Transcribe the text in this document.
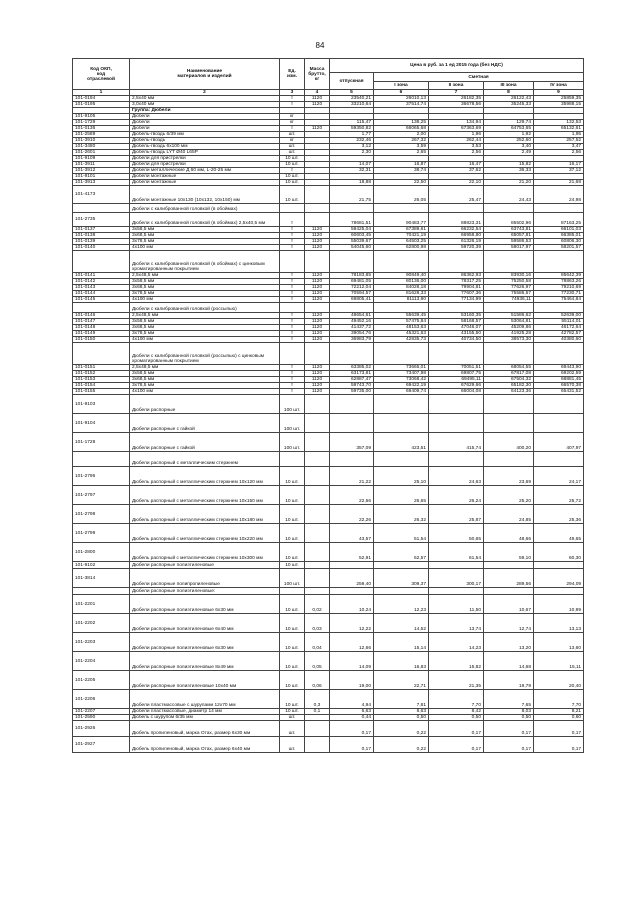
84
Код ОКП,
код
отраслевой	Наименование
материалов и изделий	Ед.
изм.	Масса
брутто,
кг	Цена в руб. за 1 ед 2015 года (без НДС)				
				отпускная	Сметная			
					I зона	II зона	III зона	IV зона
1	2	3	4	5	6	7	8	9
101-0194	2,5х40 мм	т	1120	23540,21	26010,13	26182,35	26122,43	25859,35
101-0195	3,0х40 мм	т	1120	33210,64	37514,74	36678,56	35245,33	35988,15
	Группа: Дюбели							
101-9105	Дюбели	кг						
101-1729	Дюбели	кг		115,47	138,25	134,94	129,74	132,53
101-0136	Дюбели	т	1120	59350,82	66065,68	67363,69	64753,65	65132,61
101-2589	Дюбель-гвоздь 6/39 мм	шт.		1,77	2,00	1,96	1,92	1,95
101-3910	Дюбель-гвоздь	кг		232,46	267,32	262,44	252,60	257,52
101-3480	Дюбель-гвоздь 6х100 мм	шт.		3,12	3,59	3,53	3,40	3,47
101-2601	Дюбель-гвоздь LYT Ø40 L65P	шт.		2,30	2,65	2,56	2,49	2,56
101-9109	Дюбели для пристрелки	10 шт.						
101-3911	Дюбели для пристрелки	10 шт.		14,07	16,87	16,47	15,82	16,17
101-3912	Дюбели металлические Д 60 мм, L-20-25 мм	т		32,31	38,74	37,62	36,33	37,12
101-9101	Дюбели монтажные	10 шт.						
101-3913	Дюбели монтажные	10 шт.		18,88	22,50	22,10	21,20	21,68
101-4173	Дюбели монтажные 10х130 (10х132, 10х150) мм	10 шт.		21,75	26,05	25,47	24,43	24,98
	Дюбели с калиброванной головкой (в обоймах)							
101-2735	Дюбели с калиброванной головкой (в обоймах) 2,5х40,5 мм	т		78681,51	90483,77	88823,31	85502,96	87163,25
101-0137	3х58,5 мм	т	1120	58425,04	67389,61	66232,54	63743,81	66101,03
101-0138	3х68,5 мм	т	1120	60603,45	70421,19	66958,80	65057,81	66385,01
101-0139	3х78,5 мм	т	1120	55039,67	64503,25	61326,19	59586,53	60806,30
101-0140	4х100 мм	т	1120	54045,60	62800,98	59720,39	58017,97	58201,57
	Дюбели с калиброванной головкой (в обоймах) с цинковым хроматированным покрытием							
101-0141	2,5х48,5 мм	т	1120	78183,85	90849,40	86362,93	83930,16	85642,39
101-0142	3х58,5 мм	т	1120	69481,05	80136,00	78317,25	75250,58	78863,26
101-0143	3х68,5 мм	т	1120	72212,04	84028,18	79904,81	77626,97	79210,69
101-0144	3х78,5 мм	т	1120	70594,57	81628,33	77607,36	75586,57	77230,71
101-0145	4х100 мм	т	1120	69805,41	81113,90	77134,99	74936,11	75464,84
	Дюбели с калиброванной головкой (россыпью)							
101-0146	2,5х48,5 мм	т	1120	48654,61	55639,45	53160,35	51586,62	52639,00
101-0147	3х58,5 мм	т	1120	49452,16	57475,84	58168,57	53064,81	55114,01
101-0148	3х68,5 мм	т	1120	41437,72	48153,63	47046,07	45209,86	46172,64
101-0149	3х78,5 мм	т	1120	39054,76	45321,63	43155,50	41925,28	42782,57
101-0150	4х100 мм	т	1120	36983,79	42835,73	40734,50	38573,30	40380,60
	Дюбели с калиброванной головкой (россыпью) с цинковым хроматированным покрытием							
101-0151	2,5х48,5 мм	т	1120	63385,02	73665,01	70051,51	68054,55	69443,90
101-0152	3х58,5 мм	т	1120	63173,81	73407,98	69807,75	67817,08	69202,59
101-0153	3х68,5 мм	т	1120	62887,47	73068,42	69495,11	67504,32	68881,45
101-0154	3х78,5 мм	т	1120	59743,70	69422,19	67629,66	65182,30	66570,38
101-0155	4х100 мм	т	1120	59735,00	69409,74	66004,08	64123,36	65431,52
101-9103	Дюбели распорные	100 шт.						
101-9104	Дюбели распорные с гайкой	100 шт.						
101-1728	Дюбели распорные с гайкой	100 шт.		357,09	423,51	415,74	400,20	407,97
	Дюбели распорный с металлическим стержнем							
101-2796	Дюбель распорный с металлическим стержнем 10х120 мм	10 шт.		21,22	25,10	24,63	23,69	24,17
101-2797	Дюбель распорный с металлическим стержнем 10х150 мм	10 шт.		22,56	26,65	26,24	25,20	25,72
101-2798	Дюбель распорный с металлическим стержнем 10х180 мм	10 шт.		22,26	26,32	25,87	24,85	25,36
101-2799	Дюбель распорный с металлическим стержнем 10х220 мм	10 шт.		43,57	51,54	50,65	48,66	49,65
101-2800	Дюбель распорный с металлическим стержнем 10х300 мм	10 шт.		52,91	62,57	61,54	59,10	60,30
101-9102	Дюбели распорные полиэтиленовые	10 шт.						
101-3814	Дюбели распорные полипропиленовые	100 шт.		259,40	309,37	300,17	289,56	294,09
	Дюбели распорные полиэтиленовые:							
101-2201	Дюбели распорные полиэтиленовые 6х30 мм	10 шт.	0,02	10,24	12,23	11,50	10,67	10,99
101-2202	Дюбели распорные полиэтиленовые 6х40 мм	10 шт.	0,03	12,22	14,52	13,74	12,74	13,13
101-2203	Дюбели распорные полиэтиленовые 6х30 мм	10 шт.	0,04	12,66	15,14	14,23	13,20	13,60
101-2204	Дюбели распорные полиэтиленовые 8х49 мм	10 шт.	0,05	14,09	16,83	15,82	14,68	15,11
101-2205	Дюбели распорные полиэтиленовые 10х40 мм	10 шт.	0,06	19,00	22,71	21,35	19,79	20,40
101-2206	Дюбели пластмассовые с шурупами 12х70 мм	10 шт.	0,3	4,94	7,81	7,70	7,65	7,70
101-2207	Дюбели пластмассовые, диаметр 14 мм	10 шт.	0,1	6,63	8,63	8,42	8,03	8,21
101-2590	Дюбель с шурупом 6/35 мм	шт.		0,44	0,50	0,50	0,50	0,60
101-2926	Дюбель пропиленовый, марка Отах, размер 6х30 мм	шт.		0,17	0,22	0,17	0,17	0,17
101-2927	Дюбель пропиленовый, марка Отах, размер 6х40 мм	шт.		0,17	0,22	0,17	0,17	0,17
